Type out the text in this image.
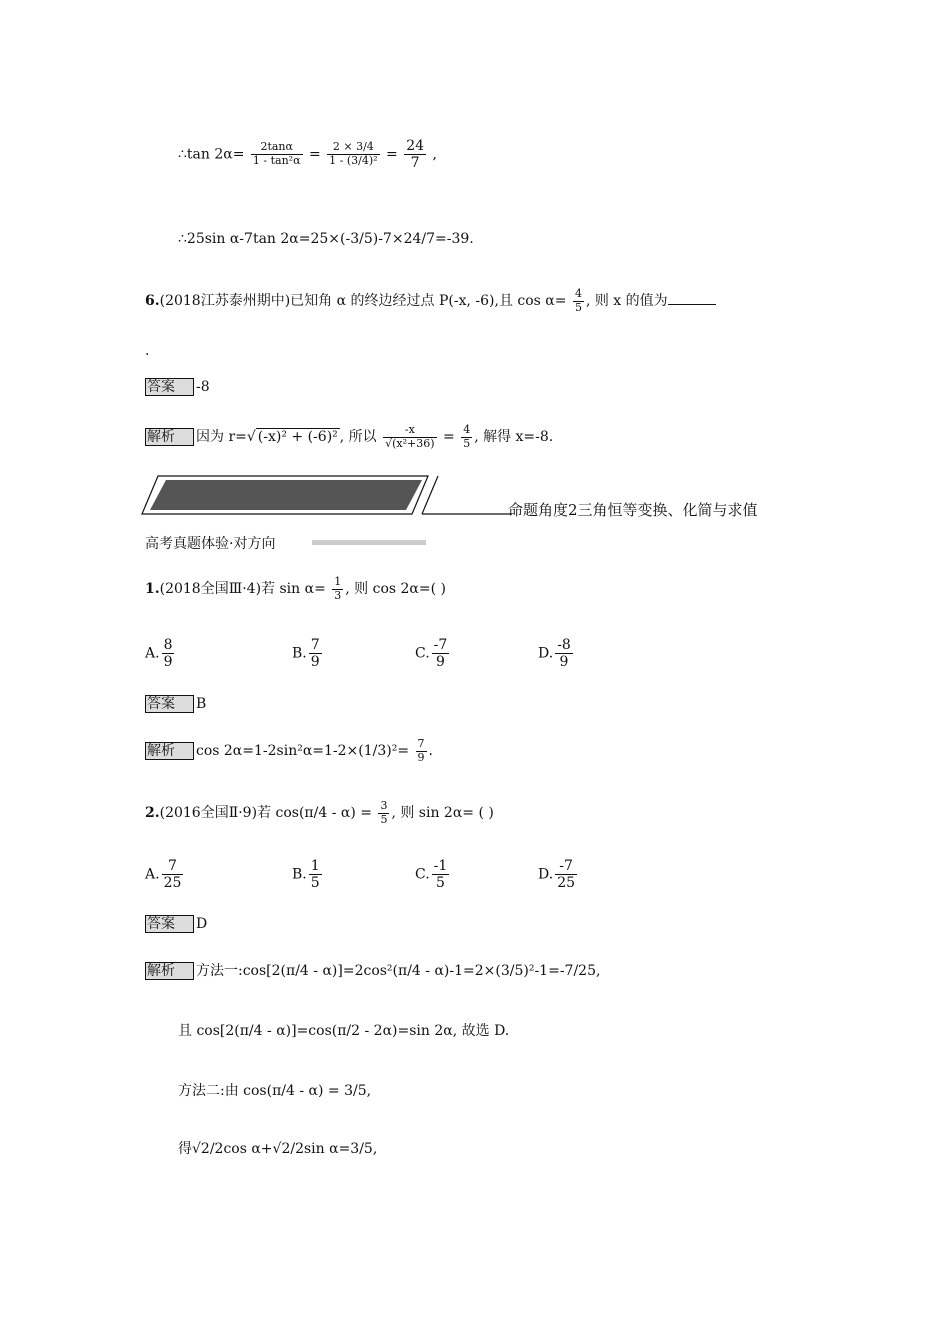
∴tan $2\alpha= \frac{2\tan\alpha}{\text{1 - tan²α}} = \frac{2 \times 3/4}{\text{1 - (3/4)²}} = \frac{24}{7}$ ,
∴25sin α-7tan 2α=25×(-3/5)-7×24/7=-39.
6.(2018江苏泰州期中)已知角 α 的终边经过点 P(-x, -6),且 $\cos \alpha= \frac{4}{5}$ , 则 x 的值为
.
答案 -8
解析 因为 r=√ (-x)² + (-6)² , 所以 $\frac{-x}{\text{√(x²+36)}} = \frac{4}{5}$ , 解得 x=-8.
命题角度2三角恒等变换、化简与求值
高考真题体验·对方向
1.(2018全国Ⅲ·4)若 $\sin \alpha= \frac{1}{3}$ , 则 cos 2α=( )
A. $\frac{8}{9}$	B. $\frac{7}{9}$	C. $\frac{-7}{9}$	D. $\frac{-8}{9}$
答案 B
解析 $\cos 2\alpha=1-2\sin^2\alpha=1-2\times(1/3)^2= \frac{7}{9}$ .
2.(2016全国Ⅱ·9)若 $\cos(\pi/4 - \alpha) = \frac{3}{5}$ , 则 sin 2α= ( )
A. $\frac{7}{25}$	B. $\frac{1}{5}$	C. $\frac{-1}{5}$	D. $\frac{-7}{25}$
答案 D
解析 方法一:cos[2(π/4 - α)]=2cos²(π/4 - α)-1=2×(3/5)²-1=-7/25,
且 cos[2(π/4 - α)]=cos(π/2 - 2α)=sin 2α, 故选 D.
方法二:由 cos(π/4 - α) = 3/5,
得√2/2cos α+√2/2sin α=3/5,
